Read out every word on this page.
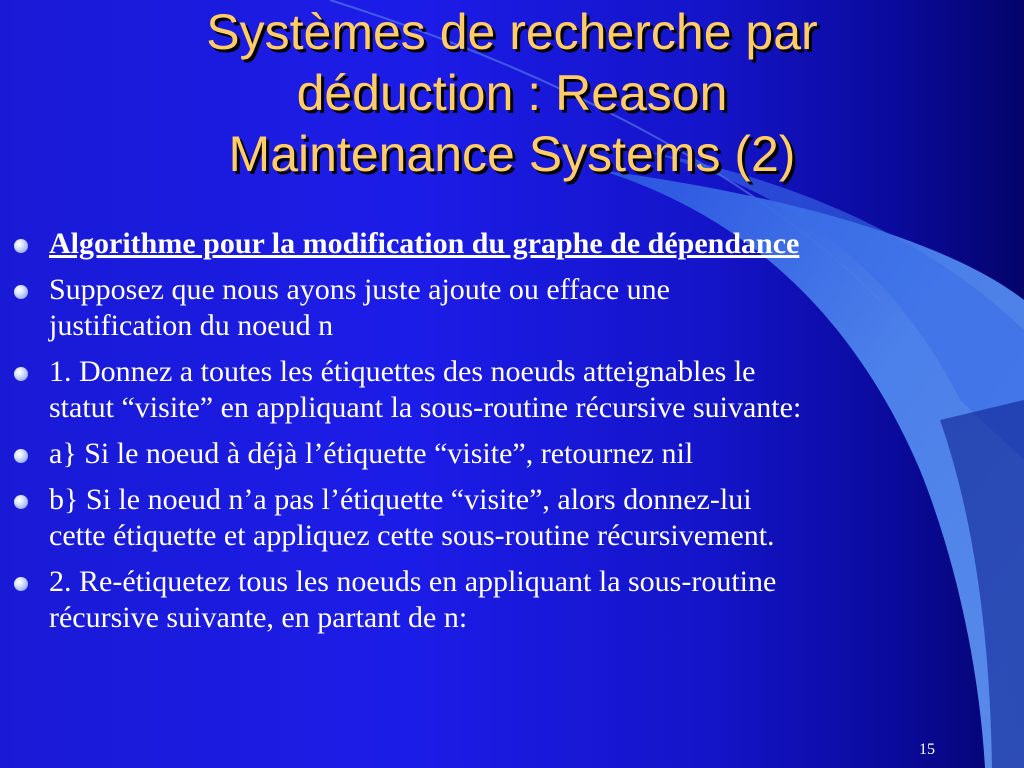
Systèmes de recherche par
déduction : Reason
Maintenance Systems (2)
Algorithme pour la modification du graphe de dépendance
Supposez que nous ayons juste ajoute ou efface une
justification du noeud n
1. Donnez a toutes les étiquettes des noeuds atteignables le
statut “visite” en appliquant la sous-routine récursive suivante:
a} Si le noeud à déjà l’étiquette “visite”, retournez nil
b} Si le noeud n’a pas l’étiquette “visite”, alors donnez-lui
cette étiquette et appliquez cette sous-routine récursivement.
2. Re-étiquetez tous les noeuds en appliquant la sous-routine
récursive suivante, en partant de n:
15
